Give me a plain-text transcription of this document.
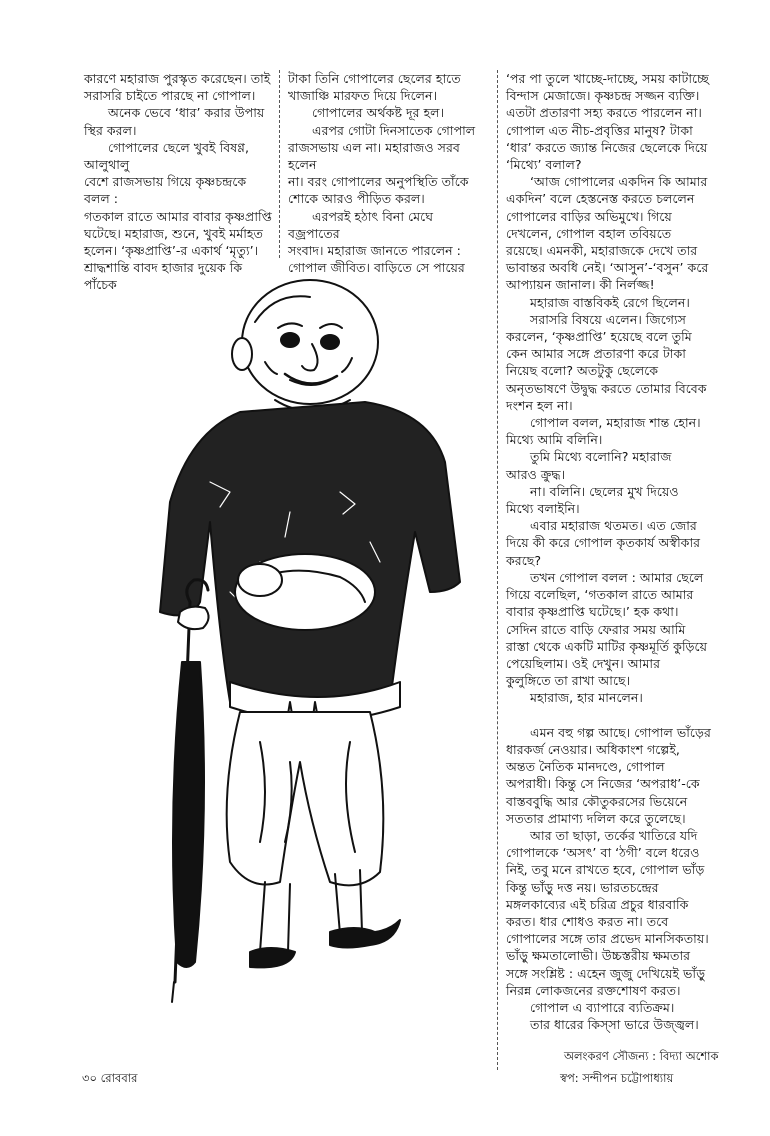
কারণে মহারাজ পুরস্কৃত করেছেন। তাই

সরাসরি চাইতে পারছে না গোপাল।

অনেক ভেবে ‘ধার’ করার উপায়

স্থির করল।

গোপালের ছেলে খুবই বিষণ্ণ, আলুথালু

বেশে রাজসভায় গিয়ে কৃষ্ণচন্দ্রকে বলল :

গতকাল রাতে আমার বাবার কৃষ্ণপ্রাপ্তি

ঘটেছে। মহারাজ, শুনে, খুবই মর্মাহত

হলেন। ‘কৃষ্ণপ্রাপ্তি’-র একার্থ ‘মৃত্যু’।

শ্রাদ্ধশান্তি বাবদ হাজার দুয়েক কি পাঁচেক

টাকা তিনি গোপালের ছেলের হাতে

খাজাঞ্চি মারফত দিয়ে দিলেন।

গোপালের অর্থকষ্ট দূর হল।

এরপর গোটা দিনসাতেক গোপাল

রাজসভায় এল না। মহারাজও সরব হলেন

না। বরং গোপালের অনুপস্থিতি তাঁকে

শোকে আরও পীড়িত করল।

এরপরই হঠাৎ বিনা মেঘে বজ্রপাতের

সংবাদ। মহারাজ জানতে পারলেন :

গোপাল জীবিত। বাড়িতে সে পায়ের

‘পর পা তুলে খাচ্ছে-দাচ্ছে, সময় কাটাচ্ছে

বিন্দাস মেজাজে। কৃষ্ণচন্দ্র সজ্জন ব্যক্তি।

এতটা প্রতারণা সহ্য করতে পারলেন না।

গোপাল এত নীচ-প্রবৃত্তির মানুষ? টাকা

‘ধার’ করতে জ্যান্ত নিজের ছেলেকে দিয়ে

‘মিথ্যে’ বলাল?

‘আজ গোপালের একদিন কি আমার

একদিন’ বলে হেস্তনেস্ত করতে চললেন

গোপালের বাড়ির অভিমুখে। গিয়ে

দেখলেন, গোপাল বহাল তবিয়তে

রয়েছে। এমনকী, মহারাজকে দেখে তার

ভাবান্তর অবধি নেই। ‘আসুন’-‘বসুন’ করে

আপ্যায়ন জানাল। কী নির্লজ্জ!

মহারাজ বাস্তবিকই রেগে ছিলেন।

সরাসরি বিষয়ে এলেন। জিগ্যেস

করলেন, ‘কৃষ্ণপ্রাপ্তি’ হয়েছে বলে তুমি

কেন আমার সঙ্গে প্রতারণা করে টাকা

নিয়েছ বলো? অতটুকু ছেলেকে

অনৃতভাষণে উদ্বুদ্ধ করতে তোমার বিবেক

দংশন হল না।

গোপাল বলল, মহারাজ শান্ত হোন।

মিথ্যে আমি বলিনি।

তুমি মিথ্যে বলোনি? মহারাজ

আরও ক্রুদ্ধ।

না। বলিনি। ছেলের মুখ দিয়েও

মিথ্যে বলাইনি।

এবার মহারাজ থতমত। এত জোর

দিয়ে কী করে গোপাল কৃতকার্য অস্বীকার

করছে?

তখন গোপাল বলল : আমার ছেলে

গিয়ে বলেছিল, ‘গতকাল রাতে আমার

বাবার কৃষ্ণপ্রাপ্তি ঘটেছে।’ হক কথা।

সেদিন রাতে বাড়ি ফেরার সময় আমি

রাস্তা থেকে একটি মাটির কৃষ্ণমূর্তি কুড়িয়ে

পেয়েছিলাম। ওই দেখুন। আমার

কুলুঙ্গিতে তা রাখা আছে।

মহারাজ, হার মানলেন।

এমন বহু গল্প আছে। গোপাল ভাঁড়ের

ধারকর্জ নেওয়ার। অধিকাংশ গল্পেই,

অন্তত নৈতিক মানদণ্ডে, গোপাল

অপরাধী। কিন্তু সে নিজের ‘অপরাধ’-কে

বাস্তববুদ্ধি আর কৌতুকরসের ভিয়েনে

সততার প্রামাণ্য দলিল করে তুলেছে।

আর তা ছাড়া, তর্কের খাতিরে যদি

গোপালকে ‘অসৎ’ বা ‘ঠগী’ বলে ধরেও

নিই, তবু মনে রাখতে হবে, গোপাল ভাঁড়

কিন্তু ভাঁড়ু দত্ত নয়। ভারতচন্দ্রের

মঙ্গলকাব্যের এই চরিত্র প্রচুর ধারবাকি

করত। ধার শোধও করত না। তবে

গোপালের সঙ্গে তার প্রভেদ মানসিকতায়।

ভাঁড়ু ক্ষমতালোভী। উচ্চস্তরীয় ক্ষমতার

সঙ্গে সংশ্লিষ্ট : এহেন জুজু দেখিয়েই ভাঁড়ু

নিরন্ন লোকজনের রক্তশোষণ করত।

গোপাল এ ব্যাপারে ব্যতিক্রম।

তার ধারের কিস্সা ভারে উজ্জ্বল।

অলংকরণ সৌজন্য : বিদ্যা অশোক
স্বপ: সন্দীপন চট্টোপাধ্যায়
৩০ রোববার
